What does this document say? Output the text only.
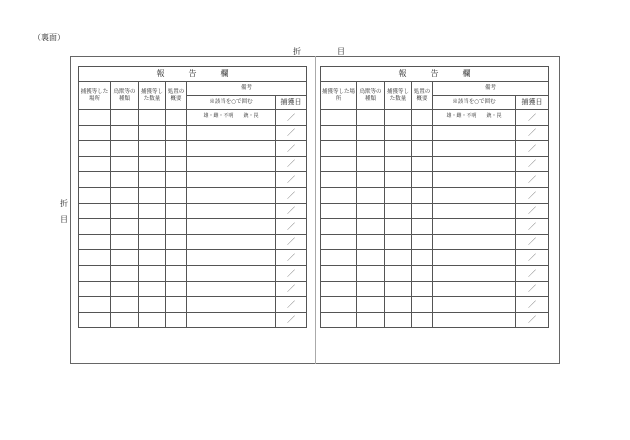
（裏面）
折	目
折
目
報 告 欄					
捕獲等した場所	鳥獣等の種類	捕獲等した数量	処置の概要	備考	
				※該当を○で囲む	捕獲日
				雄・雌・不明 銃・罠	／
					／
					／
					／
					／
					／
					／
					／
					／
					／
					／
					／
					／
					／
報 告 欄					
捕獲等した場所	鳥獣等の種類	捕獲等した数量	処置の概要	備考	
				※該当を○で囲む	捕獲日
				雄・雌・不明 銃・罠	／
					／
					／
					／
					／
					／
					／
					／
					／
					／
					／
					／
					／
					／
